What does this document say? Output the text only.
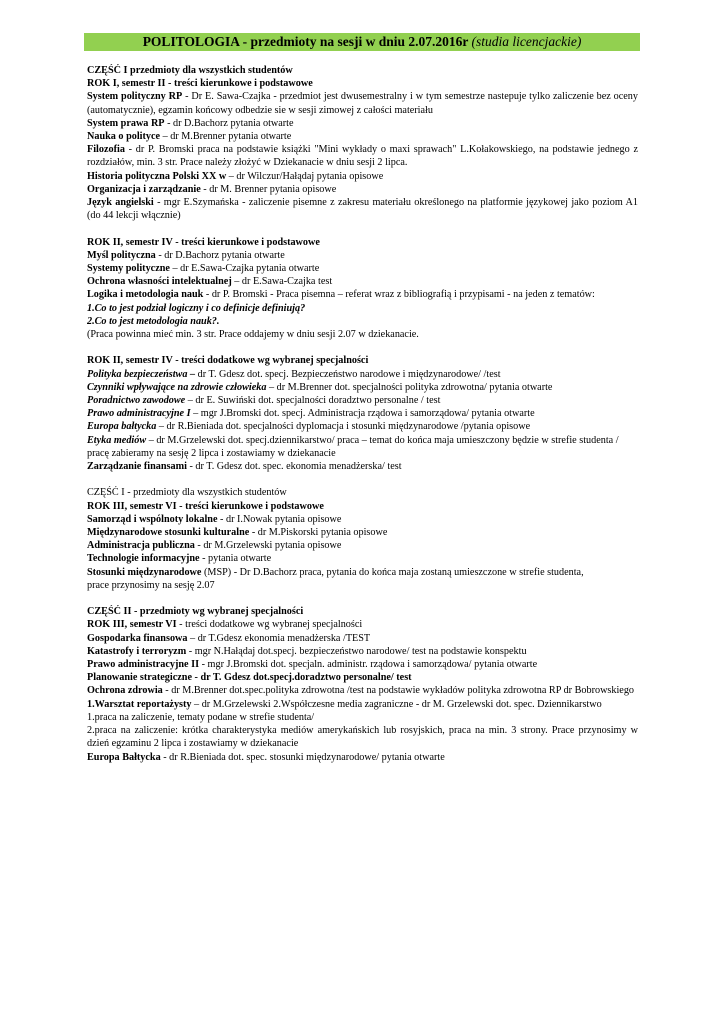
POLITOLOGIA - przedmioty na sesji w dniu 2.07.2016r (studia licencjackie)
CZĘŚĆ I przedmioty dla wszystkich studentów
ROK I, semestr II - treści kierunkowe i podstawowe
System polityczny RP - Dr E. Sawa-Czajka - przedmiot jest dwusemestralny i w tym semestrze nastepuje tylko zaliczenie bez oceny (automatycznie), egzamin końcowy odbedzie sie w sesji zimowej z całości materiału
System prawa RP - dr D.Bachorz pytania otwarte
Nauka o polityce – dr M.Brenner pytania otwarte
Filozofia - dr P. Bromski praca na podstawie książki "Mini wykłady o maxi sprawach" L.Kołakowskiego, na podstawie jednego z rozdziałów, min. 3 str. Prace należy złożyć w Dziekanacie w dniu sesji 2 lipca.
Historia polityczna Polski XX w – dr Wilczur/Hałądaj pytania opisowe
Organizacja i zarządzanie - dr M. Brenner pytania opisowe
Język angielski - mgr E.Szymańska - zaliczenie pisemne z zakresu materiału określonego na platformie językowej jako poziom A1 (do 44 lekcji włącznie)
ROK II, semestr IV - treści kierunkowe i podstawowe
Myśl polityczna - dr D.Bachorz pytania otwarte
Systemy polityczne – dr E.Sawa-Czajka pytania otwarte
Ochrona własności intelektualnej – dr E.Sawa-Czajka test
Logika i metodologia nauk - dr P. Bromski - Praca pisemna – referat wraz z bibliografią i przypisami - na jeden z tematów:
1.Co to jest podział logiczny i co definicje definiują?
2.Co to jest metodologia nauk?.
(Praca powinna mieć min. 3 str. Prace oddajemy w dniu sesji 2.07 w dziekanacie.
ROK II, semestr IV - treści dodatkowe wg wybranej specjalności
Polityka bezpieczeństwa – dr T. Gdesz dot. specj. Bezpieczeństwo narodowe i międzynarodowe/ /test
Czynniki wpływające na zdrowie człowieka – dr M.Brenner dot. specjalności polityka zdrowotna/ pytania otwarte
Poradnictwo zawodowe – dr E. Suwiński dot. specjalności doradztwo personalne / test
Prawo administracyjne I – mgr J.Bromski dot. specj. Administracja rządowa i samorządowa/ pytania otwarte
Europa bałtycka – dr R.Bieniada dot. specjalności dyplomacja i stosunki międzynarodowe /pytania opisowe
Etyka mediów – dr M.Grzelewski dot. specj.dziennikarstwo/ praca – temat do końca maja umieszczony będzie w strefie studenta /
pracę zabieramy na sesję 2 lipca i zostawiamy w dziekanacie
Zarządzanie finansami - dr T. Gdesz dot. spec. ekonomia menadżerska/ test
CZĘŚĆ I - przedmioty dla wszystkich studentów
ROK III, semestr VI - treści kierunkowe i podstawowe
Samorząd i wspólnoty lokalne - dr I.Nowak pytania opisowe
Międzynarodowe stosunki kulturalne - dr M.Piskorski pytania opisowe
Administracja publiczna - dr M.Grzelewski pytania opisowe
Technologie informacyjne - pytania otwarte
Stosunki międzynarodowe (MSP) - Dr D.Bachorz praca, pytania do końca maja zostaną umieszczone w strefie studenta, prace przynosimy na sesję 2.07
CZĘŚĆ II - przedmioty wg wybranej specjalności
ROK III, semestr VI - treści dodatkowe wg wybranej specjalności
Gospodarka finansowa – dr T.Gdesz ekonomia menadżerska /TEST
Katastrofy i terroryzm - mgr N.Hałądaj dot.specj. bezpieczeństwo narodowe/ test na podstawie konspektu
Prawo administracyjne II - mgr J.Bromski dot. specjaln. administr. rządowa i samorządowa/ pytania otwarte
Planowanie strategiczne - dr T. Gdesz dot.specj.doradztwo personalne/ test
Ochrona zdrowia - dr M.Brenner dot.spec.polityka zdrowotna /test na podstawie wykładów polityka zdrowotna RP dr Bobrowskiego
1.Warsztat reportażysty – dr M.Grzelewski 2.Współczesne media zagraniczne - dr M. Grzelewski dot. spec. Dziennikarstwo
1.praca na zaliczenie, tematy podane w strefie studenta/
2.praca na zaliczenie: krótka charakterystyka mediów amerykańskich lub rosyjskich, praca na min. 3 strony. Prace przynosimy w dzień egzaminu 2 lipca i zostawiamy w dziekanacie
Europa Bałtycka - dr R.Bieniada dot. spec. stosunki międzynarodowe/ pytania otwarte
